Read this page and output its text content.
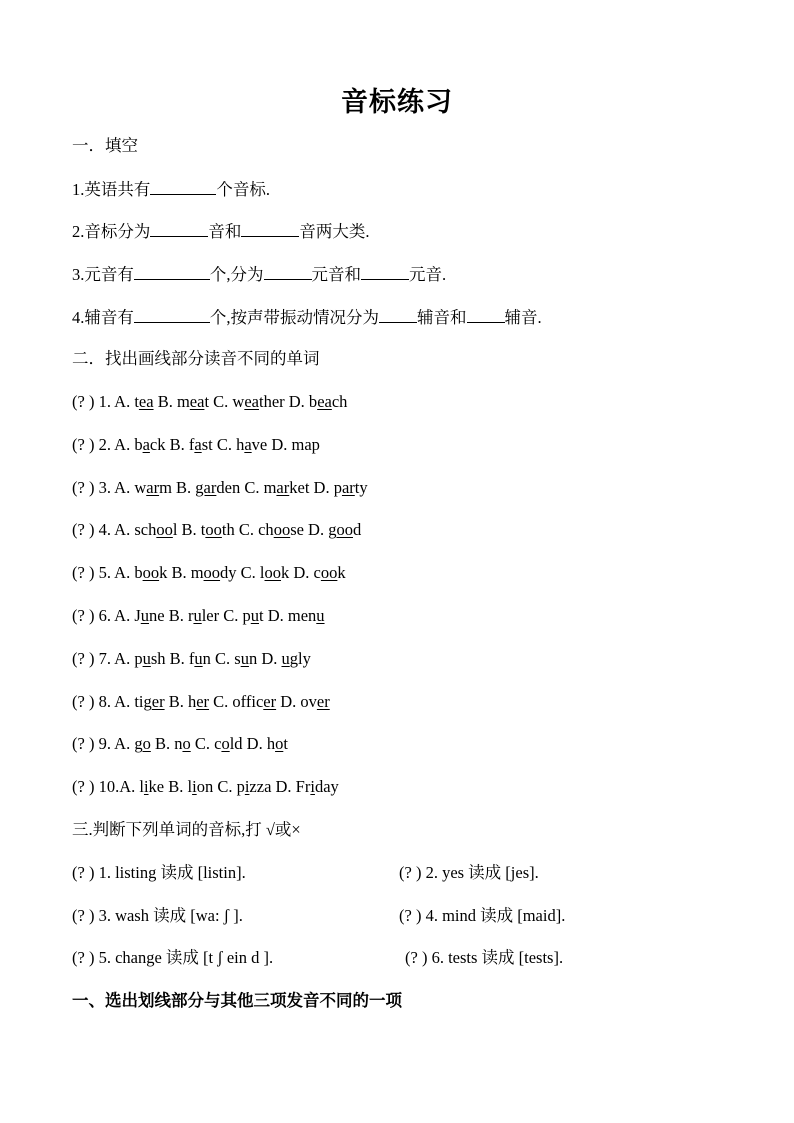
音标练习
一．填空
1.英语共有	个音标.
2.音标分为	音和	音两大类.
3.元音有	个,分为	元音和	元音.
4.辅音有	个,按声带振动情况分为 辅音和 辅音.
二．找出画线部分读音不同的单词
(? ) 1. A. tea B. meat C. weather D. beach
(? ) 2. A. back B. fast C. have D. map
(? ) 3. A. warm B. garden C. market D. party
(? ) 4. A. school B. tooth C. choose D. good
(? ) 5. A. book B. moody C. look D. cook
(? ) 6. A. June B. ruler C. put D. menu
(? ) 7. A. push B. fun C. sun D. ugly
(? ) 8. A. tiger B. her C. officer D. over
(? ) 9. A. go B. no C. cold D. hot
(? ) 10.A. like B. lion C. pizza D. Friday
三.判断下列单词的音标,打 √或×
(? ) 1. listing 读成 [listin].	(? ) 2. yes 读成 [jes].
(? ) 3. wash 读成 [wa: ʃ ].	(? ) 4. mind 读成 [maid].
(? ) 5. change 读成 [t ʃ ein d ].	(? ) 6. tests 读成 [tests].
一、选出划线部分与其他三项发音不同的一项
